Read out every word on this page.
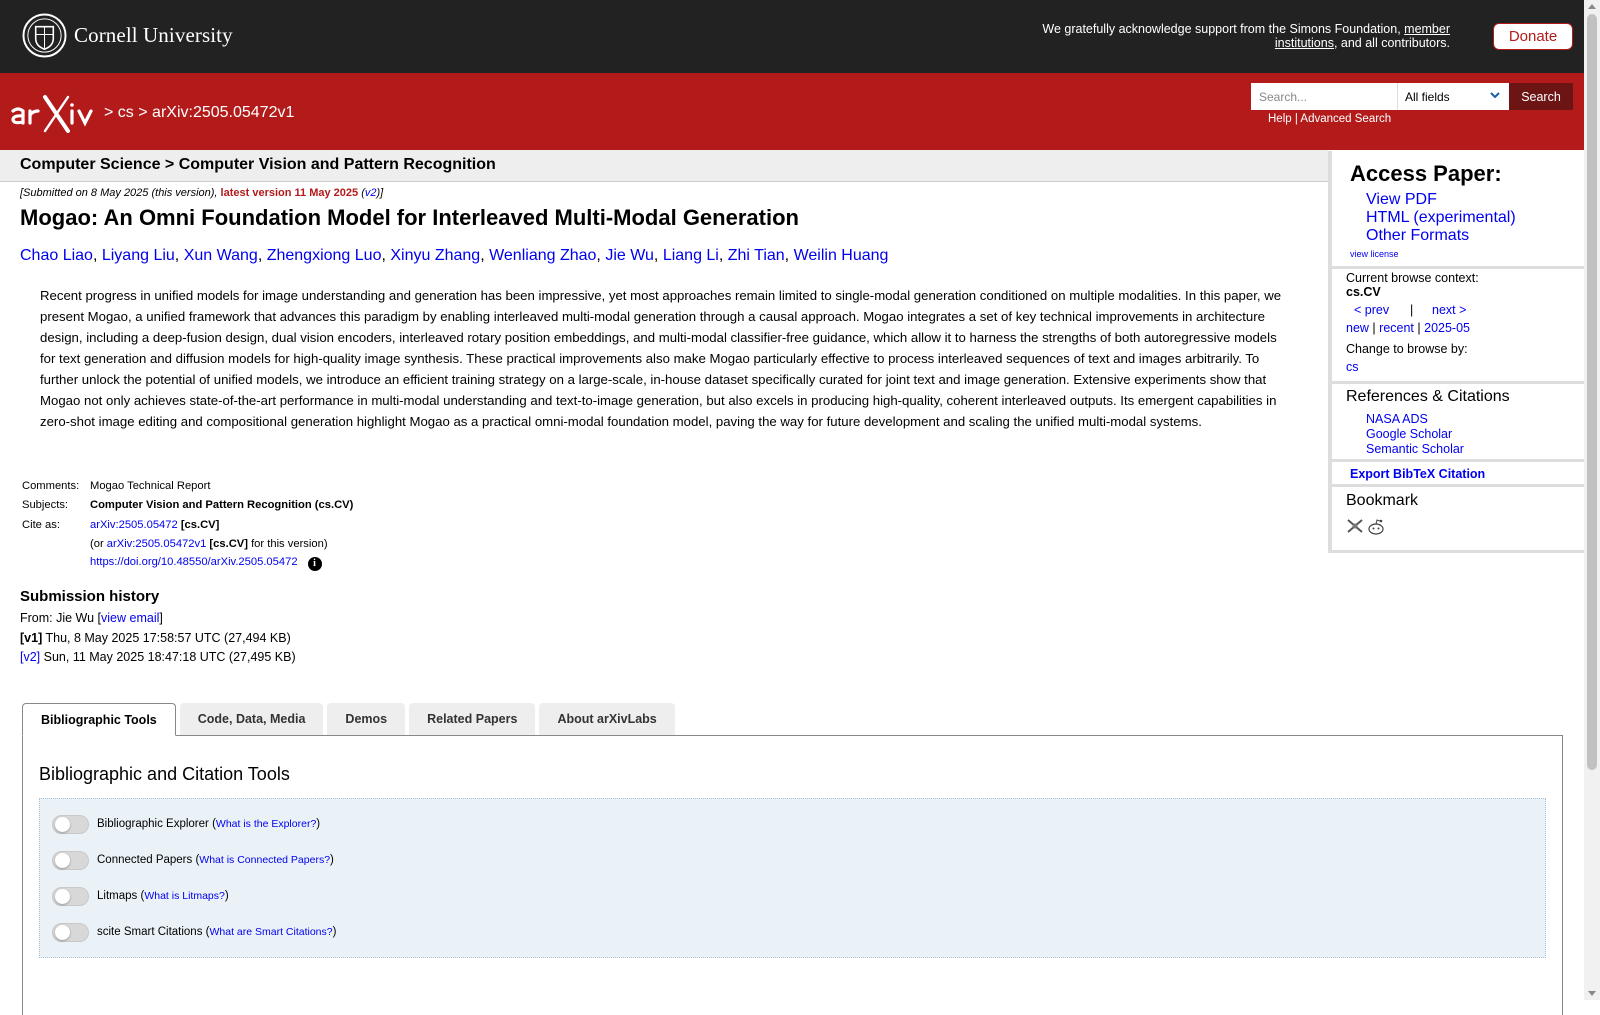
Cornell University	We gratefully acknowledge support from the Simons Foundation, member institutions, and all contributors.	Donate
> cs > arXiv:2505.05472v1
Search...
All fields	Search
Help | Advanced Search
Computer Science > Computer Vision and Pattern Recognition
[Submitted on 8 May 2025 (this version), latest version 11 May 2025 (v2)]
Mogao: An Omni Foundation Model for Interleaved Multi-Modal Generation
Chao Liao, Liyang Liu, Xun Wang, Zhengxiong Luo, Xinyu Zhang, Wenliang Zhao, Jie Wu, Liang Li, Zhi Tian, Weilin Huang

Recent progress in unified models for image understanding and generation has been impressive, yet most approaches remain limited to single-modal generation conditioned on multiple modalities. In this paper, we present Mogao, a unified framework that advances this paradigm by enabling interleaved multi-modal generation through a causal approach. Mogao integrates a set of key technical improvements in architecture design, including a deep-fusion design, dual vision encoders, interleaved rotary position embeddings, and multi-modal classifier-free guidance, which allow it to harness the strengths of both autoregressive models for text generation and diffusion models for high-quality image synthesis. These practical improvements also make Mogao particularly effective to process interleaved sequences of text and images arbitrarily. To further unlock the potential of unified models, we introduce an efficient training strategy on a large-scale, in-house dataset specifically curated for joint text and image generation. Extensive experiments show that Mogao not only achieves state-of-the-art performance in multi-modal understanding and text-to-image generation, but also excels in producing high-quality, coherent interleaved outputs. Its emergent capabilities in zero-shot image editing and compositional generation highlight Mogao as a practical omni-modal foundation model, paving the way for future development and scaling the unified multi-modal systems.

Comments: Mogao Technical Report
Subjects:	Computer Vision and Pattern Recognition (cs.CV)
Cite as:	arXiv:2505.05472 [cs.CV]
(or arXiv:2505.05472v1 [cs.CV] for this version)
https://doi.org/10.48550/arXiv.2505.05472 i
Submission history
From: Jie Wu [view email]
[v1] Thu, 8 May 2025 17:58:57 UTC (27,494 KB)
[v2] Sun, 11 May 2025 18:47:18 UTC (27,495 KB)
Bibliographic Tools	Code, Data, Media	Demos	Related Papers	About arXivLabs
Bibliographic and Citation Tools
Bibliographic Explorer ( What is the Explorer? )
Connected Papers ( What is Connected Papers? )
Litmaps ( What is Litmaps? )
scite Smart Citations ( What are Smart Citations? )
Access Paper:
View PDF
HTML (experimental)
Other Formats
view license
Current browse context:
cs.CV
< prev | next >
new | recent | 2025-05
Change to browse by:
cs
References & Citations
NASA ADS
Google Scholar
Semantic Scholar
Export BibTeX Citation
Bookmark
